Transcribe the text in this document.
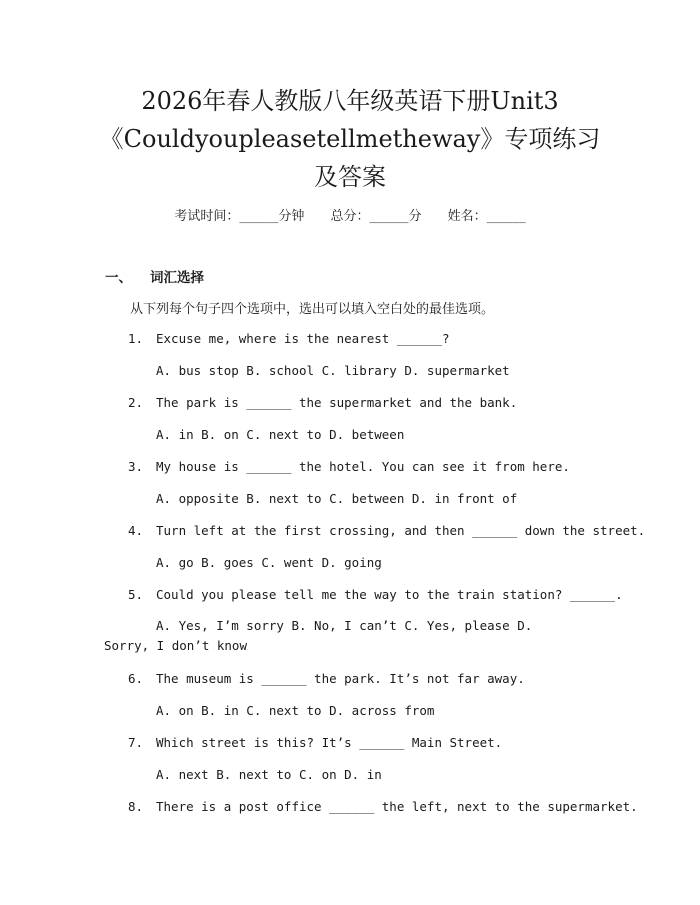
2026年春人教版八年级英语下册Unit3
《Couldyoupleasetellmetheway》专项练习
及答案
考试时间：______分钟 总分：______分 姓名：______
一、 词汇选择
从下列每个句子四个选项中，选出可以填入空白处的最佳选项。
1. Excuse me, where is the nearest ______?
A. bus stop B. school C. library D. supermarket
2. The park is ______ the supermarket and the bank.
A. in B. on C. next to D. between
3. My house is ______ the hotel. You can see it from here.
A. opposite B. next to C. between D. in front of
4. Turn left at the first crossing, and then ______ down the street.
A. go B. goes C. went D. going
5. Could you please tell me the way to the train station? ______.
A. Yes, I’m sorry B. No, I can’t C. Yes, please D. Sorry, I don’t know
6. The museum is ______ the park. It’s not far away.
A. on B. in C. next to D. across from
7. Which street is this? It’s ______ Main Street.
A. next B. next to C. on D. in
8. There is a post office ______ the left, next to the supermarket.
